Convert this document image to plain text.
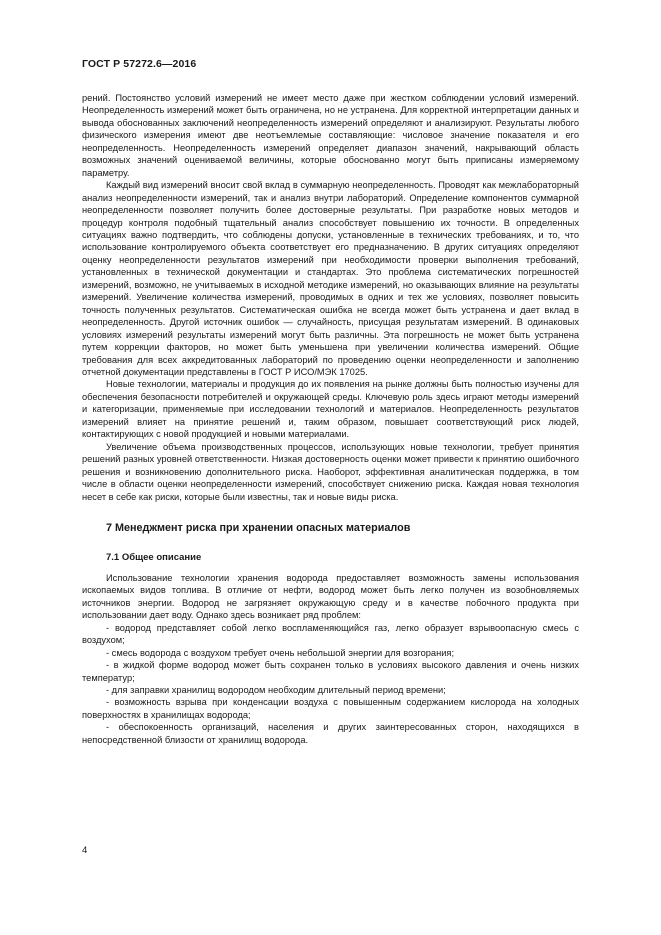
ГОСТ Р 57272.6—2016

рений. Постоянство условий измерений не имеет место даже при жестком соблюдении условий измерений. Неопределенность измерений может быть ограничена, но не устранена. Для корректной интерпретации данных и вывода обоснованных заключений неопределенность измерений определяют и анализируют. Результаты любого физического измерения имеют две неотъемлемые составляющие: числовое значение показателя и его неопределенность. Неопределенность измерений определяет диапазон значений, накрывающий область возможных значений оцениваемой величины, которые обоснованно могут быть приписаны измеряемому параметру.

Каждый вид измерений вносит свой вклад в суммарную неопределенность. Проводят как межлабораторный анализ неопределенности измерений, так и анализ внутри лабораторий. Определение компонентов суммарной неопределенности позволяет получить более достоверные результаты. При разработке новых методов и процедур контроля подобный тщательный анализ способствует повышению их точности. В определенных ситуациях важно подтвердить, что соблюдены допуски, установленные в технических требованиях, и то, что использование контролируемого объекта соответствует его предназначению. В других ситуациях определяют оценку неопределенности результатов измерений при необходимости проверки выполнения требований, установленных в технической документации и стандартах. Это проблема систематических погрешностей измерений, возможно, не учитываемых в исходной методике измерений, но оказывающих влияние на результаты измерений. Увеличение количества измерений, проводимых в одних и тех же условиях, позволяет повысить точность полученных результатов. Систематическая ошибка не всегда может быть устранена и дает вклад в неопределенность. Другой источник ошибок — случайность, присущая результатам измерений. В одинаковых условиях измерений результаты измерений могут быть различны. Эта погрешность не может быть устранена путем коррекции факторов, но может быть уменьшена при увеличении количества измерений. Общие требования для всех аккредитованных лабораторий по проведению оценки неопределенности и заполнению отчетной документации представлены в ГОСТ Р ИСО/МЭК 17025.

Новые технологии, материалы и продукция до их появления на рынке должны быть полностью изучены для обеспечения безопасности потребителей и окружающей среды. Ключевую роль здесь играют методы измерений и категоризации, применяемые при исследовании технологий и материалов. Неопределенность результатов измерений влияет на принятие решений и, таким образом, повышает соответствующий риск людей, контактирующих с новой продукцией и новыми материалами.

Увеличение объема производственных процессов, использующих новые технологии, требует принятия решений разных уровней ответственности. Низкая достоверность оценки может привести к принятию ошибочного решения и возникновению дополнительного риска. Наоборот, эффективная аналитическая поддержка, в том числе в области оценки неопределенности измерений, способствует снижению риска. Каждая новая технология несет в себе как риски, которые были известны, так и новые виды риска.

7 Менеджмент риска при хранении опасных материалов
7.1 Общее описание

Использование технологии хранения водорода предоставляет возможность замены использования ископаемых видов топлива. В отличие от нефти, водород может быть легко получен из возобновляемых источников энергии. Водород не загрязняет окружающую среду и в качестве побочного продукта при использовании дает воду. Однако здесь возникает ряд проблем:

- водород представляет собой легко воспламеняющийся газ, легко образует взрывоопасную смесь с воздухом;

- смесь водорода с воздухом требует очень небольшой энергии для возгорания;

- в жидкой форме водород может быть сохранен только в условиях высокого давления и очень низких температур;

- для заправки хранилищ водородом необходим длительный период времени;

- возможность взрыва при конденсации воздуха с повышенным содержанием кислорода на холодных поверхностях в хранилищах водорода;

- обеспокоенность организаций, населения и других заинтересованных сторон, находящихся в непосредственной близости от хранилищ водорода.

4
